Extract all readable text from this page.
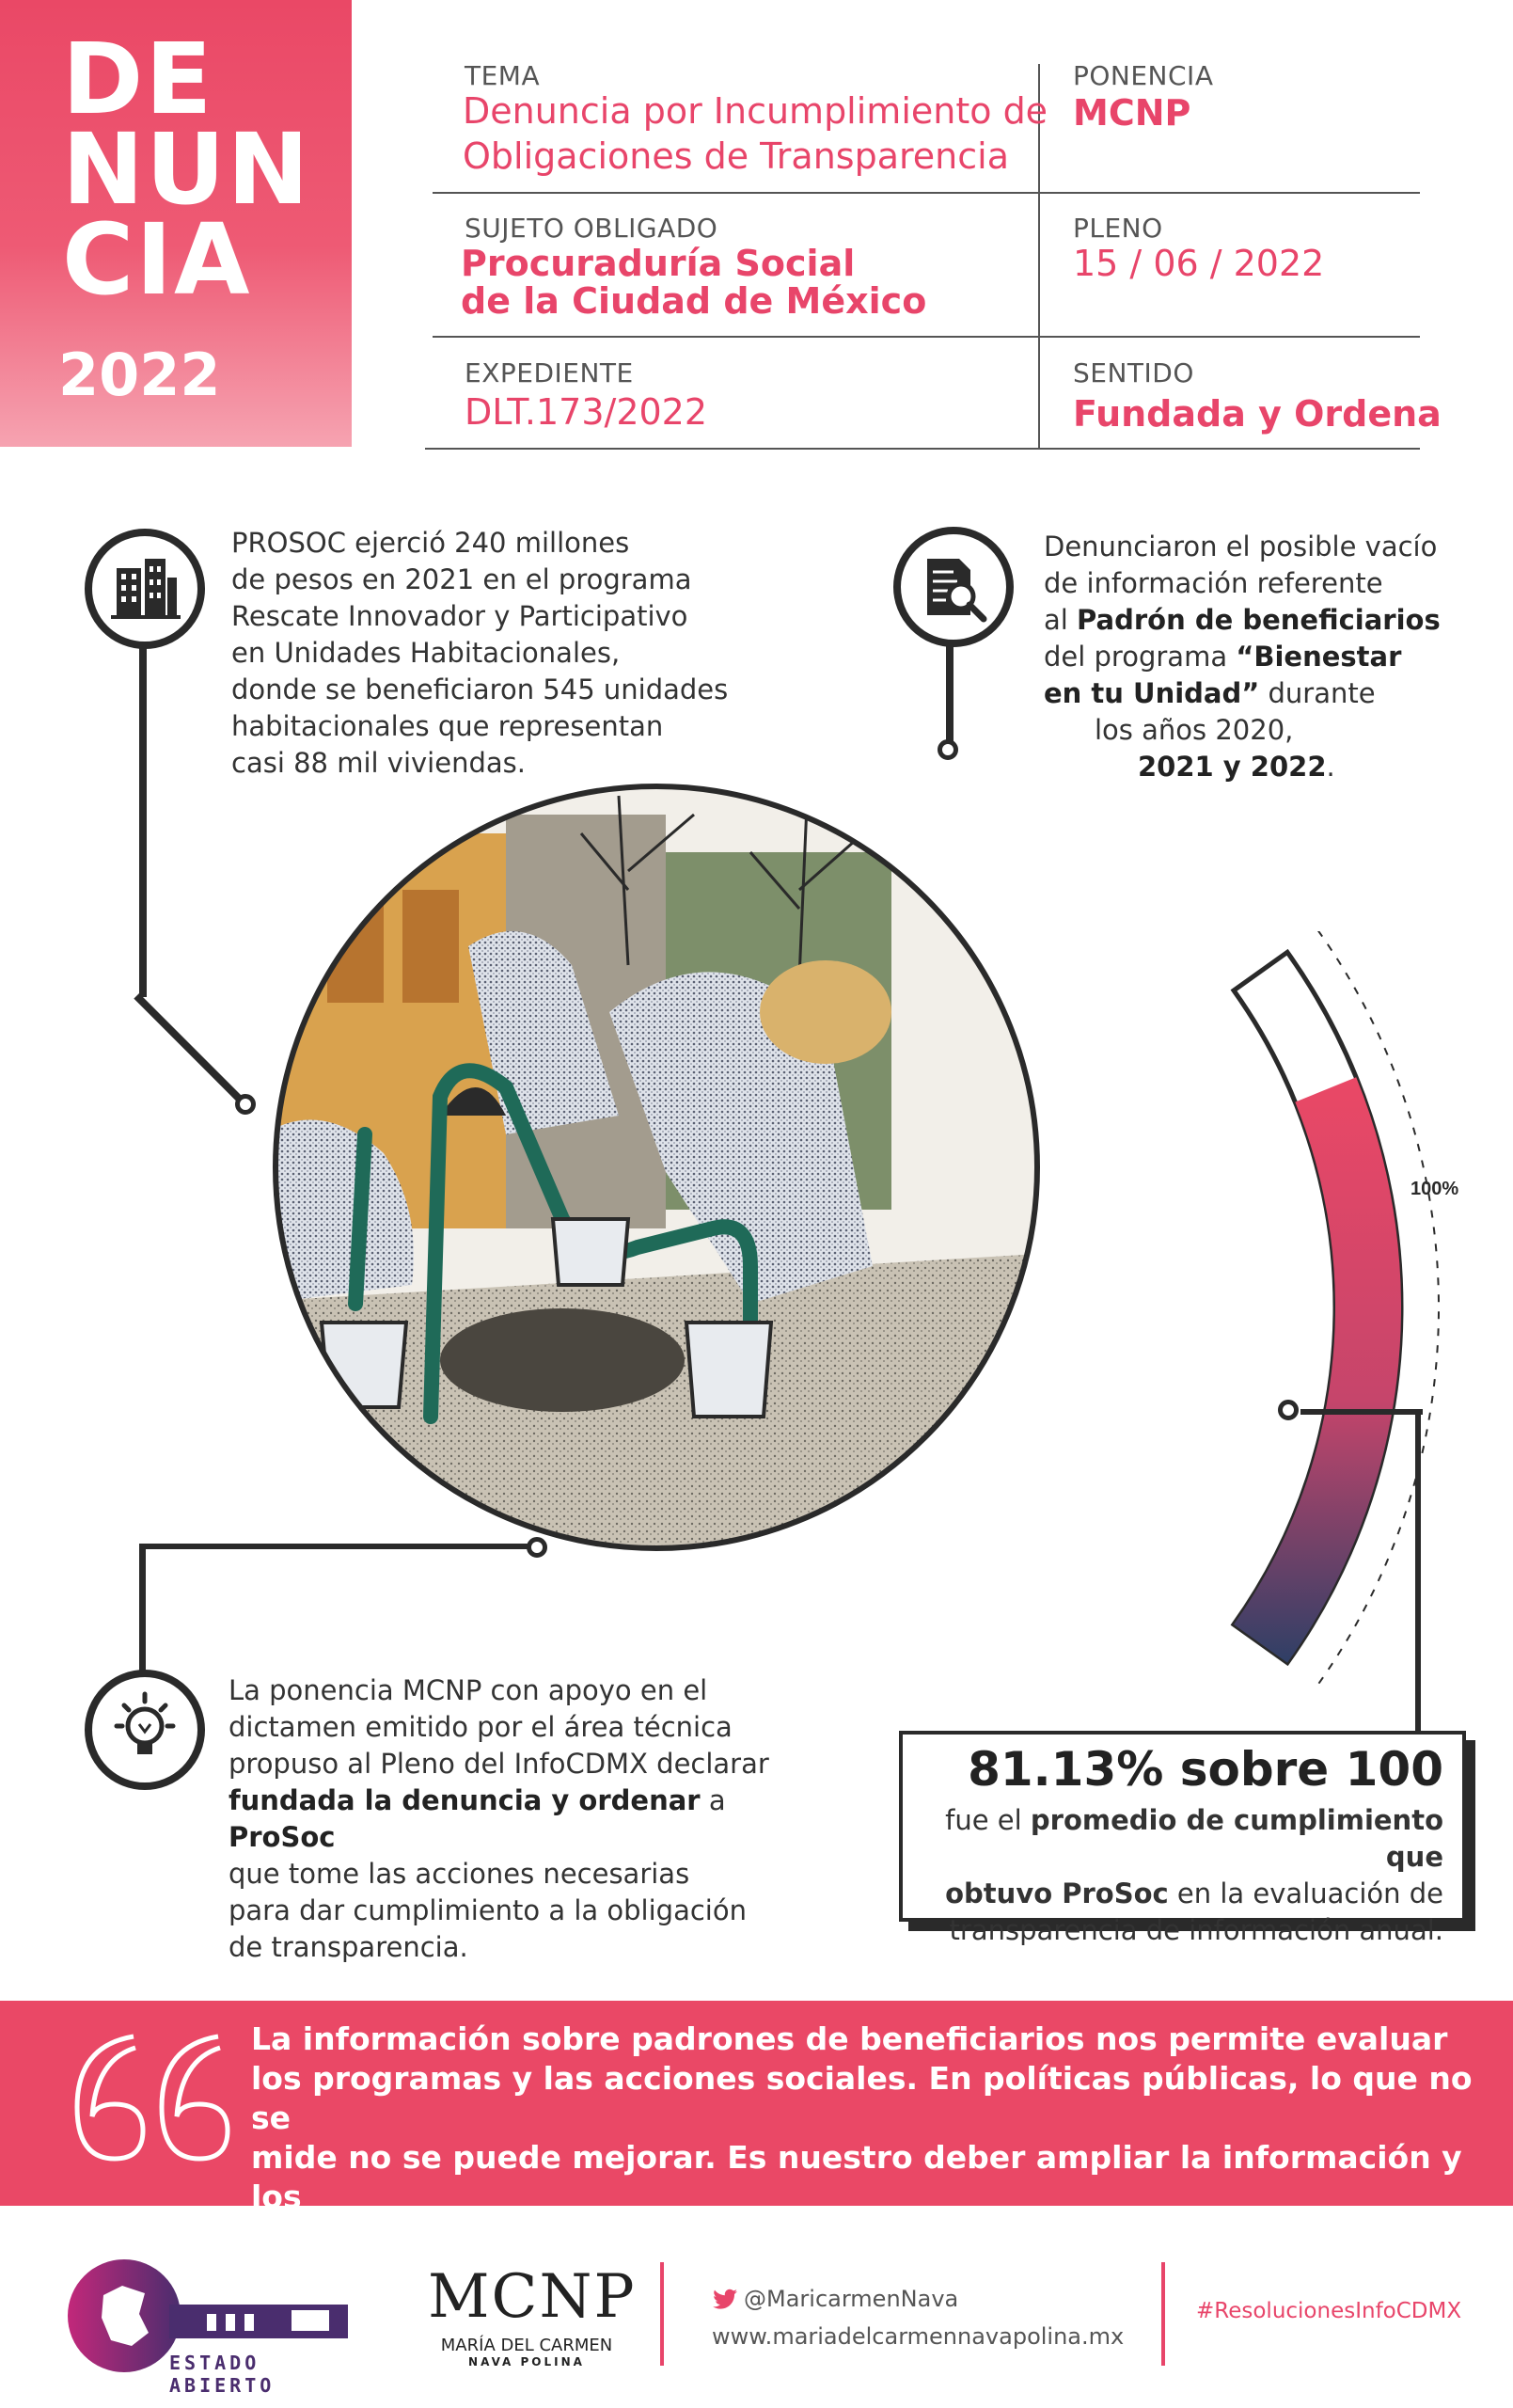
DE
NUN
CIA
2022
TEMA
Denuncia por Incumplimiento de
Obligaciones de Transparencia
PONENCIA
MCNP
SUJETO OBLIGADO
Procuraduría Social
de la Ciudad de México
PLENO
15 / 06 / 2022
EXPEDIENTE
DLT.173/2022
SENTIDO
Fundada y Ordena
PROSOC ejerció 240 millones
de pesos en 2021 en el programa
Rescate Innovador y Participativo
en Unidades Habitacionales,
donde se beneficiaron 545 unidades
habitacionales que representan
casi 88 mil viviendas.
Denunciaron el posible vacío
de información referente
al Padrón de beneficiarios
del programa “Bienestar
en tu Unidad” durante
los años 2020,
2021 y 2022.
100%
La ponencia MCNP con apoyo en el
dictamen emitido por el área técnica
propuso al Pleno del InfoCDMX declarar
fundada la denuncia y ordenar a ProSoc
que tome las acciones necesarias
para dar cumplimiento a la obligación
de transparencia.
81.13% sobre 100
fue el promedio de cumplimiento que
obtuvo ProSoc en la evaluación de
transparencia de información anual.
La información sobre padrones de beneficiarios nos permite evaluar
los programas y las acciones sociales. En políticas públicas, lo que no se
mide no se puede mejorar. Es nuestro deber ampliar la información y los
datos para fortalecer la toma de decisiones”.
ESTADO ABIERTO
MCNP
MARÍA DEL CARMEN
NAVA POLINA
@MaricarmenNava
www.mariadelcarmennavapolina.mx
#ResolucionesInfoCDMX
